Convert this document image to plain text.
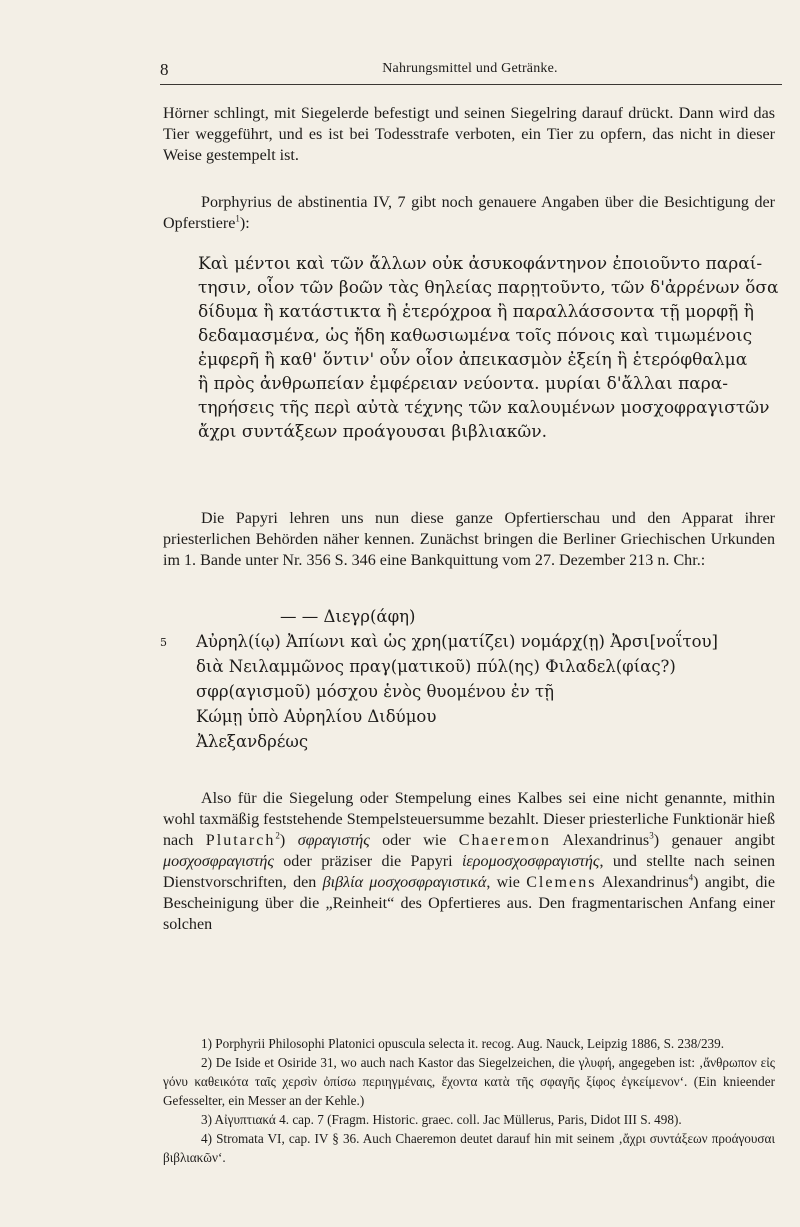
8	Nahrungsmittel und Getränke.

Hörner schlingt, mit Siegelerde befestigt und seinen Siegelring darauf drückt. Dann wird das Tier weggeführt, und es ist bei Todesstrafe verboten, ein Tier zu opfern, das nicht in dieser Weise gestempelt ist.

Porphyrius de abstinentia IV, 7 gibt noch genauere Angaben über die Besichtigung der Opferstiere$^1$):

Καὶ μέντοι καὶ τῶν ἄλλων οὐκ ἀσυκοφάντηνον ἐποιοῦντο παραί-
τησιν, οἷον τῶν βοῶν τὰς θηλείας παρῃτοῦντο, τῶν δ'ἀρρένων ὅσα
δίδυμα ἢ κατάστικτα ἢ ἑτερόχροα ἢ παραλλάσσοντα τῇ μορφῇ ἢ
δεδαμασμένα, ὡς ἤδη καθωσιωμένα τοῖς πόνοις καὶ τιμωμένοις
ἐμφερῆ ἢ καθ' ὅντιν' οὖν οἷον ἀπεικασμὸν ἐξείη ἢ ἑτερόφθαλμα
ἢ πρὸς ἀνθρωπείαν ἐμφέρειαν νεύοντα. μυρίαι δ'ἄλλαι παρα-
τηρήσεις τῆς περὶ αὐτὰ τέχνης τῶν καλουμένων μοσχοφραγιστῶν
ἄχρι συντάξεων προάγουσαι βιβλιακῶν.

Die Papyri lehren uns nun diese ganze Opfertierschau und den Apparat ihrer priesterlichen Behörden näher kennen. Zunächst bringen die Berliner Griechischen Urkunden im 1. Bande unter Nr. 356 S. 346 eine Bankquittung vom 27. Dezember 213 n. Chr.:

— — Διεγρ(άφη)
5 Αὐρηλ(ίῳ) Ἀπίωνι καὶ ὡς χρη(ματίζει) νομάρχ(ῃ) Ἀρσι[νοΐτου]
διὰ Νειλαμμῶνος πραγ(ματικοῦ) πύλ(ης) Φιλαδελ(φίας?)
σφρ(αγισμοῦ) μόσχου ἑνὸς θυομένου ἐν τῇ
Κώμῃ ὑπὸ Αὐρηλίου Διδύμου
Ἀλεξανδρέως

Also für die Siegelung oder Stempelung eines Kalbes sei eine nicht genannte, mithin wohl taxmäßig feststehende Stempelsteuersumme bezahlt. Dieser priesterliche Funktionär hieß nach Plutarch$^2$) σφραγιστής oder wie Chaeremon Alexandrinus$^3$) genauer angibt μοσχοσφραγιστής oder präziser die Papyri ἱερομοσχοσφραγιστής, und stellte nach seinen Dienstvorschriften, den βιβλία μοσχοσφραγιστικά, wie Clemens Alexandrinus$^4$) angibt, die Bescheinigung über die „Reinheit“ des Opfertieres aus. Den fragmentarischen Anfang einer solchen

1) Porphyrii Philosophi Platonici opuscula selecta it. recog. Aug. Nauck, Leipzig 1886, S. 238/239.

2) De Iside et Osiride 31, wo auch nach Kastor das Siegelzeichen, die γλυφή, angegeben ist: ‚ἄνθρωπον εἰς γόνυ καθεικότα ταῖς χερσὶν ὀπίσω περιηγμέναις, ἔχοντα κατὰ τῆς σφαγῆς ξίφος ἐγκείμενον‘. (Ein knieender Gefesselter, ein Messer an der Kehle.)

3) Αἰγυπτιακά 4. cap. 7 (Fragm. Historic. graec. coll. Jac Müllerus, Paris, Didot III S. 498).

4) Stromata VI, cap. IV § 36. Auch Chaeremon deutet darauf hin mit seinem ‚ἄχρι συντάξεων προάγουσαι βιβλιακῶν‘.
